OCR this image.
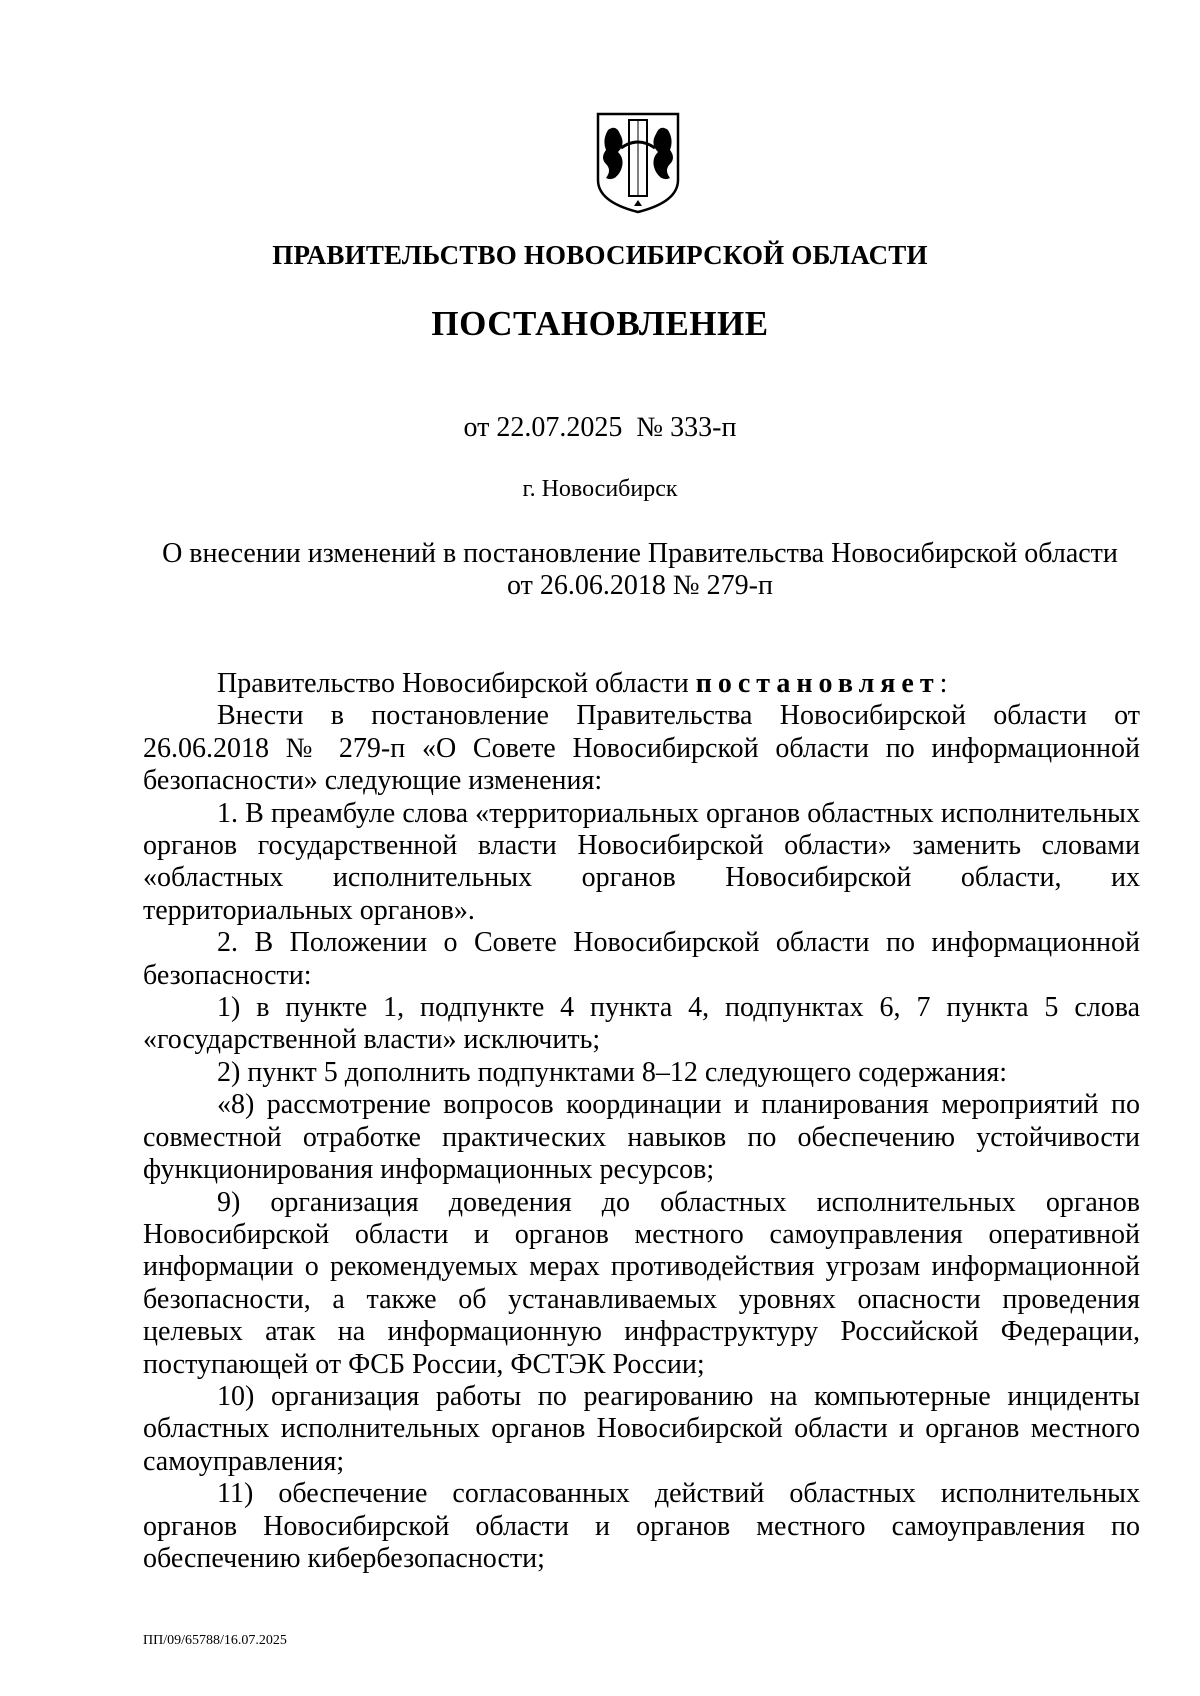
ПРАВИТЕЛЬСТВО НОВОСИБИРСКОЙ ОБЛАСТИ
ПОСТАНОВЛЕНИЕ
от 22.07.2025  № 333-п
г. Новосибирск
О внесении изменений в постановление Правительства Новосибирской области
от 26.06.2018 № 279-п

Правительство Новосибирской области постановляет:

Внести в постановление Правительства Новосибирской области от 26.06.2018 № 279-п «О Совете Новосибирской области по информационной безопасности» следующие изменения:

1. В преамбуле слова «территориальных органов областных исполнительных органов государственной власти Новосибирской области» заменить словами «областных исполнительных органов Новосибирской области, их территориальных органов».

2. В Положении о Совете Новосибирской области по информационной безопасности:

1) в пункте 1, подпункте 4 пункта 4, подпунктах 6, 7 пункта 5 слова «государственной власти» исключить;

2) пункт 5 дополнить подпунктами 8–12 следующего содержания:

«8) рассмотрение вопросов координации и планирования мероприятий по совместной отработке практических навыков по обеспечению устойчивости функционирования информационных ресурсов;

9) организация доведения до областных исполнительных органов Новосибирской области и органов местного самоуправления оперативной информации о рекомендуемых мерах противодействия угрозам информационной безопасности, а также об устанавливаемых уровнях опасности проведения целевых атак на информационную инфраструктуру Российской Федерации, поступающей от ФСБ России, ФСТЭК России;

10) организация работы по реагированию на компьютерные инциденты областных исполнительных органов Новосибирской области и органов местного самоуправления;

11) обеспечение согласованных действий областных исполнительных органов Новосибирской области и органов местного самоуправления по обеспечению кибербезопасности;

ПП/09/65788/16.07.2025
